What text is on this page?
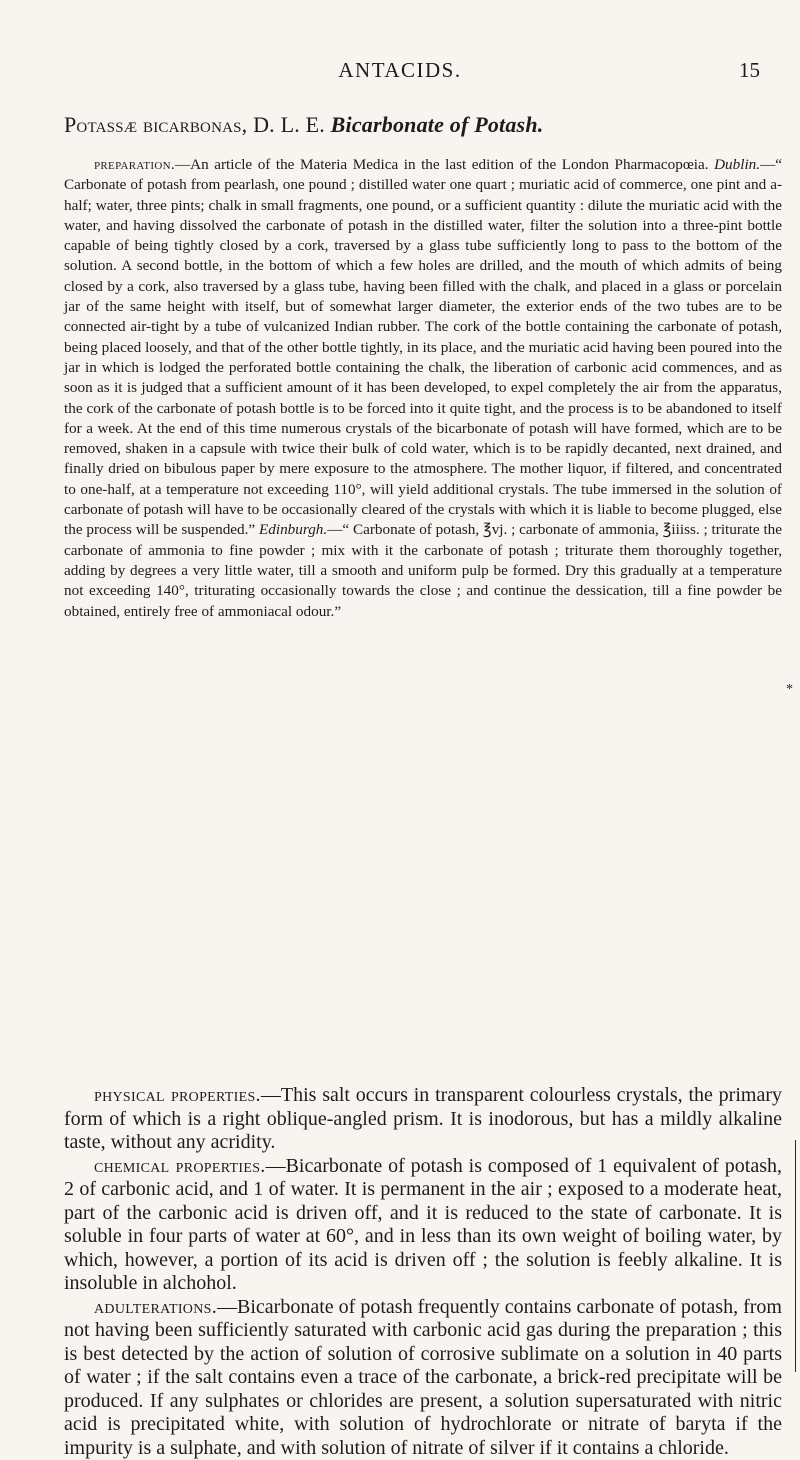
ANTACIDS.	15
Potassæ bicarbonas, D. L. E. Bicarbonate of Potash.

preparation.—An article of the Materia Medica in the last edition of the London Pharmacopœia. Dublin.—“ Carbonate of potash from pearlash, one pound ; distilled water one quart ; muriatic acid of commerce, one pint and a-half; water, three pints; chalk in small fragments, one pound, or a sufficient quantity : dilute the muriatic acid with the water, and having dissolved the carbonate of potash in the distilled water, filter the solution into a three-pint bottle capable of being tightly closed by a cork, traversed by a glass tube sufficiently long to pass to the bottom of the solution. A second bottle, in the bottom of which a few holes are drilled, and the mouth of which admits of being closed by a cork, also traversed by a glass tube, having been filled with the chalk, and placed in a glass or porcelain jar of the same height with itself, but of somewhat larger diameter, the exterior ends of the two tubes are to be connected air-tight by a tube of vulcanized Indian rubber. The cork of the bottle containing the carbonate of potash, being placed loosely, and that of the other bottle tightly, in its place, and the muriatic acid having been poured into the jar in which is lodged the perforated bottle containing the chalk, the liberation of carbonic acid commences, and as soon as it is judged that a sufficient amount of it has been developed, to expel completely the air from the apparatus, the cork of the carbonate of potash bottle is to be forced into it quite tight, and the process is to be abandoned to itself for a week. At the end of this time numerous crystals of the bicarbonate of potash will have formed, which are to be removed, shaken in a capsule with twice their bulk of cold water, which is to be rapidly decanted, next drained, and finally dried on bibulous paper by mere exposure to the atmosphere. The mother liquor, if filtered, and concentrated to one-half, at a temperature not exceeding 110°, will yield additional crystals. The tube immersed in the solution of carbonate of potash will have to be occasionally cleared of the crystals with which it is liable to become plugged, else the process will be suspended.” Edinburgh.—“ Carbonate of potash, ℥vj. ; carbonate of ammonia, ℥iiiss. ; triturate the carbonate of ammonia to fine powder ; mix with it the carbonate of potash ; triturate them thoroughly together, adding by degrees a very little water, till a smooth and uniform pulp be formed. Dry this gradually at a temperature not exceeding 140°, triturating occasionally towards the close ; and continue the dessication, till a fine powder be obtained, entirely free of ammoniacal odour.”

*

physical properties.—This salt occurs in transparent colourless crystals, the primary form of which is a right oblique-angled prism. It is inodorous, but has a mildly alkaline taste, without any acridity.

chemical properties.—Bicarbonate of potash is composed of 1 equivalent of potash, 2 of carbonic acid, and 1 of water. It is permanent in the air ; exposed to a moderate heat, part of the carbonic acid is driven off, and it is reduced to the state of carbonate. It is soluble in four parts of water at 60°, and in less than its own weight of boiling water, by which, however, a portion of its acid is driven off ; the solution is feebly alkaline. It is insoluble in alchohol.

adulterations.—Bicarbonate of potash frequently contains carbonate of potash, from not having been sufficiently saturated with carbonic acid gas during the preparation ; this is best detected by the action of solution of corrosive sublimate on a solution in 40 parts of water ; if the salt contains even a trace of the carbonate, a brick-red precipitate will be produced. If any sulphates or chlorides are present, a solution supersaturated with nitric acid is precipitated white, with solution of hydrochlorate or nitrate of baryta if the impurity is a sulphate, and with solution of nitrate of silver if it contains a chloride.
